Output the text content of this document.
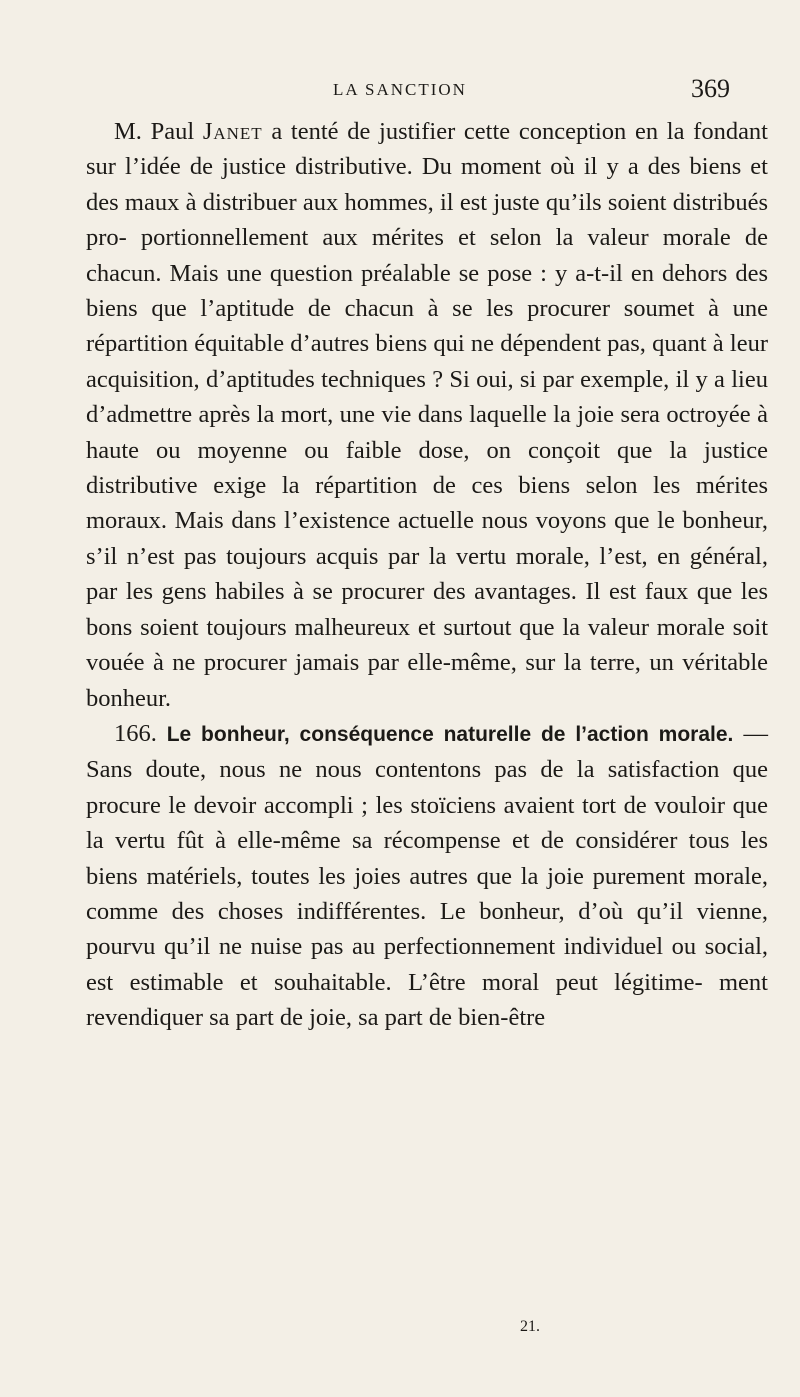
LA SANCTION	369

M. Paul Janet a tenté de justifier cette conception en la fondant sur l’idée de justice distributive. Du moment où il y a des biens et des maux à distribuer aux hommes, il est juste qu’ils soient distribués pro- portionnellement aux mérites et selon la valeur morale de chacun. Mais une question préalable se pose : y a-t-il en dehors des biens que l’aptitude de chacun à se les procurer soumet à une répartition équitable d’autres biens qui ne dépendent pas, quant à leur acquisition, d’aptitudes techniques ? Si oui, si par exemple, il y a lieu d’admettre après la mort, une vie dans laquelle la joie sera octroyée à haute ou moyenne ou faible dose, on conçoit que la justice distributive exige la répartition de ces biens selon les mérites moraux. Mais dans l’existence actuelle nous voyons que le bonheur, s’il n’est pas toujours acquis par la vertu morale, l’est, en général, par les gens habiles à se procurer des avantages. Il est faux que les bons soient toujours malheureux et surtout que la valeur morale soit vouée à ne procurer jamais par elle-même, sur la terre, un véritable bonheur.

166. Le bonheur, conséquence naturelle de l’action morale. — Sans doute, nous ne nous contentons pas de la satisfaction que procure le devoir accompli ; les stoïciens avaient tort de vouloir que la vertu fût à elle-même sa récompense et de considérer tous les biens matériels, toutes les joies autres que la joie purement morale, comme des choses indifférentes. Le bonheur, d’où qu’il vienne, pourvu qu’il ne nuise pas au perfectionnement individuel ou social, est estimable et souhaitable. L’être moral peut légitime- ment revendiquer sa part de joie, sa part de bien-être

21.
